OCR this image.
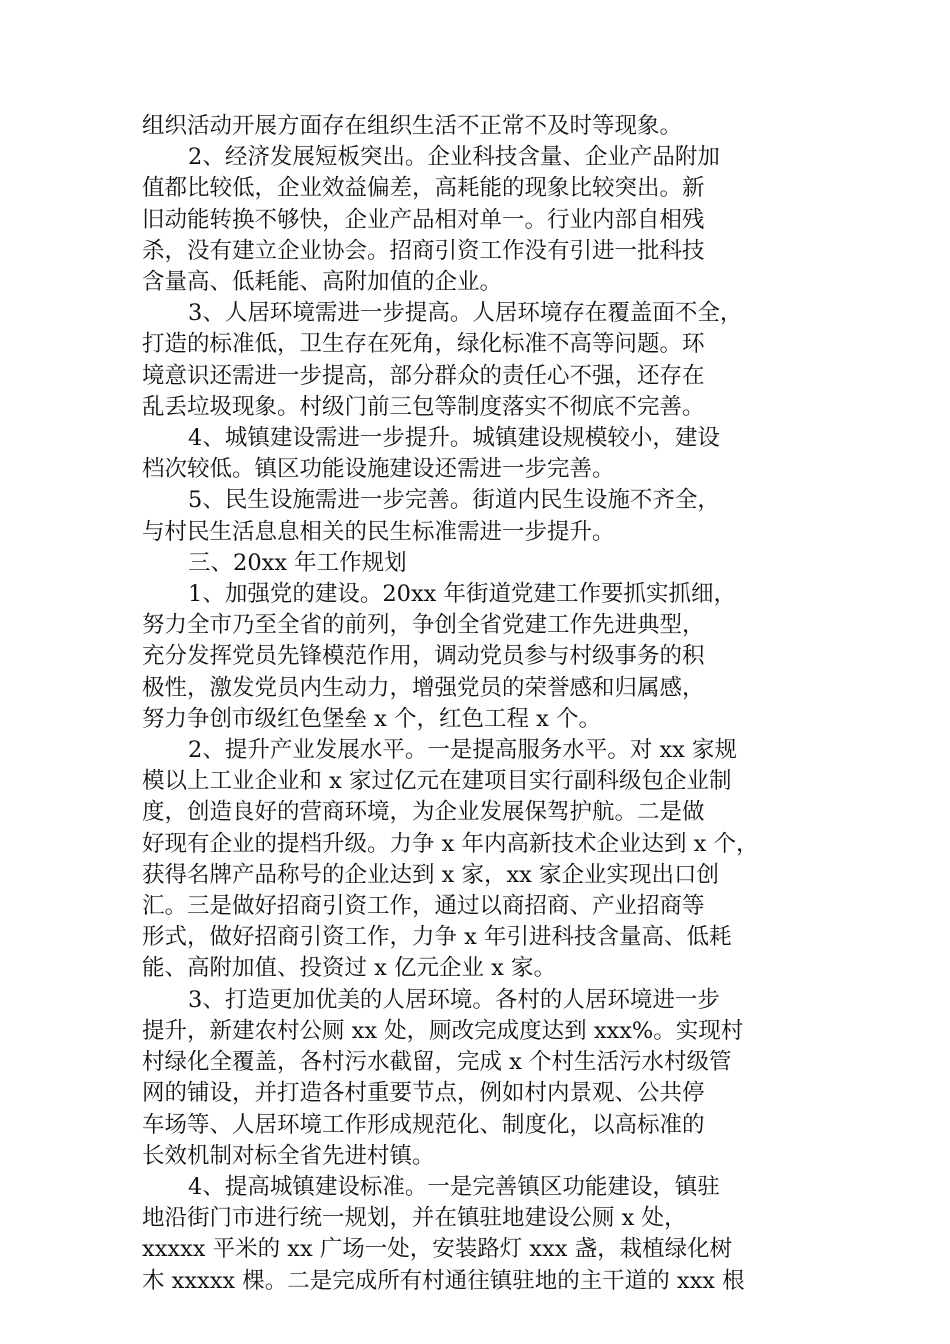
组织活动开展方面存在组织生活不正常不及时等现象。
2、经济发展短板突出。企业科技含量、企业产品附加
值都比较低，企业效益偏差，高耗能的现象比较突出。新
旧动能转换不够快，企业产品相对单一。行业内部自相残
杀，没有建立企业协会。招商引资工作没有引进一批科技
含量高、低耗能、高附加值的企业。
3、人居环境需进一步提高。人居环境存在覆盖面不全，
打造的标准低，卫生存在死角，绿化标准不高等问题。环
境意识还需进一步提高，部分群众的责任心不强，还存在
乱丢垃圾现象。村级门前三包等制度落实不彻底不完善。
4、城镇建设需进一步提升。城镇建设规模较小，建设
档次较低。镇区功能设施建设还需进一步完善。
5、民生设施需进一步完善。街道内民生设施不齐全，
与村民生活息息相关的民生标准需进一步提升。
三、20xx 年工作规划
1、加强党的建设。20xx 年街道党建工作要抓实抓细，
努力全市乃至全省的前列，争创全省党建工作先进典型，
充分发挥党员先锋模范作用，调动党员参与村级事务的积
极性，激发党员内生动力，增强党员的荣誉感和归属感，
努力争创市级红色堡垒 x 个，红色工程 x 个。
2、提升产业发展水平。一是提高服务水平。对 xx 家规
模以上工业企业和 x 家过亿元在建项目实行副科级包企业制
度，创造良好的营商环境，为企业发展保驾护航。二是做
好现有企业的提档升级。力争 x 年内高新技术企业达到 x 个，
获得名牌产品称号的企业达到 x 家，xx 家企业实现出口创
汇。三是做好招商引资工作，通过以商招商、产业招商等
形式，做好招商引资工作，力争 x 年引进科技含量高、低耗
能、高附加值、投资过 x 亿元企业 x 家。
3、打造更加优美的人居环境。各村的人居环境进一步
提升，新建农村公厕 xx 处，厕改完成度达到 xxx%。实现村
村绿化全覆盖，各村污水截留，完成 x 个村生活污水村级管
网的铺设，并打造各村重要节点，例如村内景观、公共停
车场等、人居环境工作形成规范化、制度化，以高标准的
长效机制对标全省先进村镇。
4、提高城镇建设标准。一是完善镇区功能建设，镇驻
地沿街门市进行统一规划，并在镇驻地建设公厕 x 处，
xxxxx 平米的 xx 广场一处，安装路灯 xxx 盏，栽植绿化树
木 xxxxx 棵。二是完成所有村通往镇驻地的主干道的 xxx 根
